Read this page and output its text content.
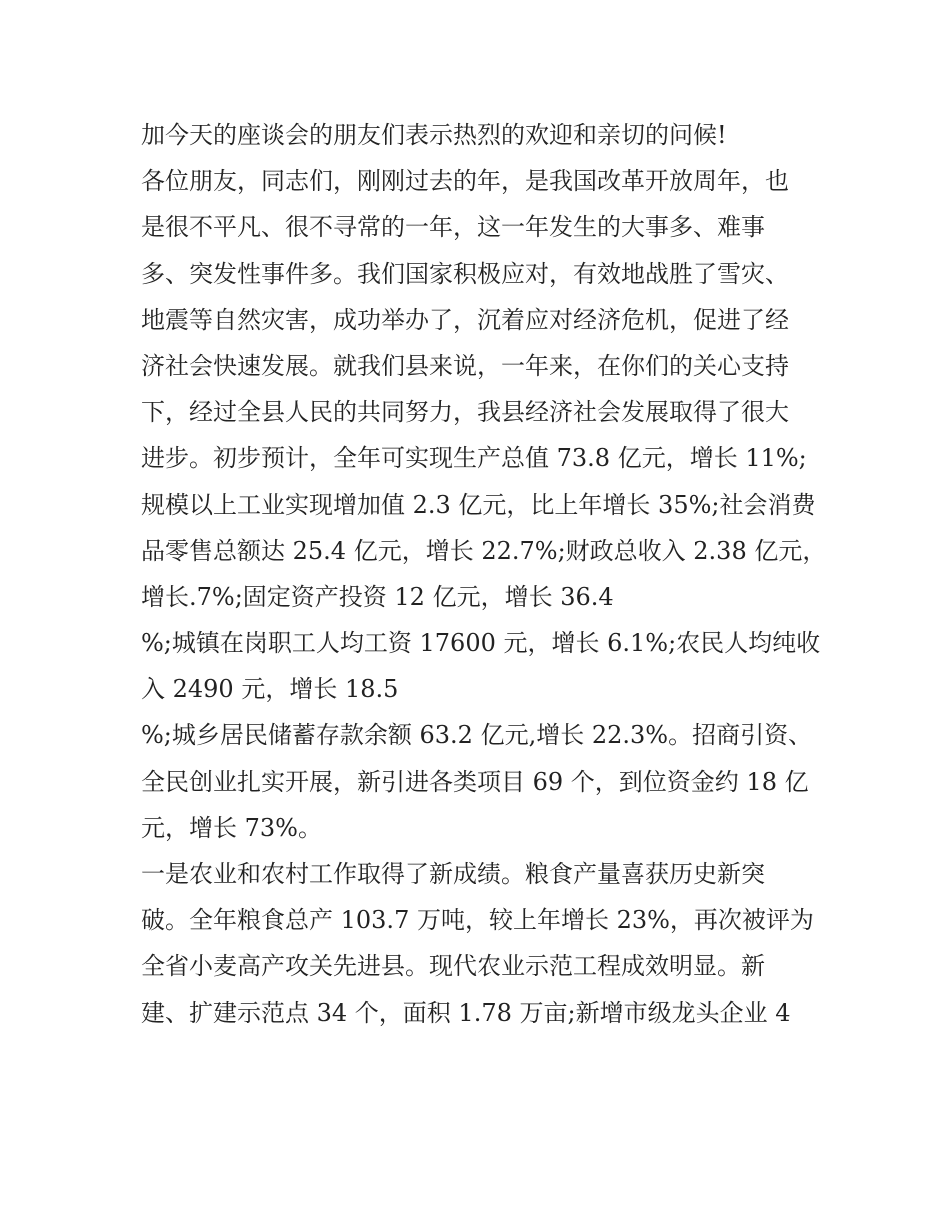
加今天的座谈会的朋友们表示热烈的欢迎和亲切的问候!
各位朋友，同志们，刚刚过去的年，是我国改革开放周年，也
是很不平凡、很不寻常的一年，这一年发生的大事多、难事
多、突发性事件多。我们国家积极应对，有效地战胜了雪灾、
地震等自然灾害，成功举办了，沉着应对经济危机，促进了经
济社会快速发展。就我们县来说，一年来，在你们的关心支持
下，经过全县人民的共同努力，我县经济社会发展取得了很大
进步。初步预计，全年可实现生产总值 73.8 亿元，增长 11%;
规模以上工业实现增加值 2.3 亿元，比上年增长 35%;社会消费
品零售总额达 25.4 亿元，增长 22.7%;财政总收入 2.38 亿元，
增长.7%;固定资产投资 12 亿元，增长 36.4
%;城镇在岗职工人均工资 17600 元，增长 6.1%;农民人均纯收
入 2490 元，增长 18.5
%;城乡居民储蓄存款余额 63.2 亿元,增长 22.3%。招商引资、
全民创业扎实开展，新引进各类项目 69 个，到位资金约 18 亿
元，增长 73%。
一是农业和农村工作取得了新成绩。粮食产量喜获历史新突
破。全年粮食总产 103.7 万吨，较上年增长 23%，再次被评为
全省小麦高产攻关先进县。现代农业示范工程成效明显。新
建、扩建示范点 34 个，面积 1.78 万亩;新增市级龙头企业 4
